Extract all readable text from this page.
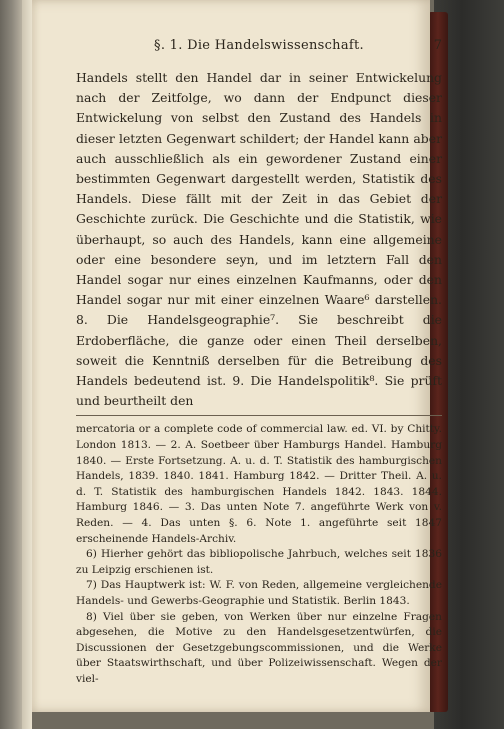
§. 1. Die Handelswissenschaft.	7

Handels stellt den Handel dar in seiner Entwickelung nach der Zeitfolge, wo dann der Endpunct dieser Entwickelung von selbst den Zustand des Handels in dieser letzten Gegenwart schildert; der Handel kann aber auch ausschließlich als ein gewordener Zustand einer bestimmten Gegenwart dargestellt werden, Statistik des Handels. Diese fällt mit der Zeit in das Gebiet der Geschichte zurück. Die Geschichte und die Statistik, wie überhaupt, so auch des Handels, kann eine allgemeine oder eine besondere seyn, und im letztern Fall den Handel sogar nur eines einzelnen Kaufmanns, oder den Handel sogar nur mit einer einzelnen Waare⁶ darstellen. 8. Die Handelsgeographie⁷. Sie beschreibt die Erdoberfläche, die ganze oder einen Theil derselben, soweit die Kenntniß derselben für die Betreibung des Handels bedeutend ist. 9. Die Handelspolitik⁸. Sie prüft und beurtheilt den

mercatoria or a complete code of commercial law. ed. VI. by Chitty. London 1813. — 2. A. Soetbeer über Hamburgs Handel. Hamburg 1840. — Erste Fortsetzung. A. u. d. T. Statistik des hamburgischen Handels, 1839. 1840. 1841. Hamburg 1842. — Dritter Theil. A. u. d. T. Statistik des hamburgischen Handels 1842. 1843. 1844. Hamburg 1846. — 3. Das unten Note 7. angeführte Werk von v. Reden. — 4. Das unten §. 6. Note 1. angeführte seit 1847 erscheinende Handels-Archiv.

6) Hierher gehört das bibliopolische Jahrbuch, welches seit 1836 zu Leipzig erschienen ist.

7) Das Hauptwerk ist: W. F. von Reden, allgemeine vergleichende Handels- und Gewerbs-Geographie und Statistik. Berlin 1843.

8) Viel über sie geben, von Werken über nur einzelne Fragen abgesehen, die Motive zu den Handelsgesetzentwürfen, die Discussionen der Gesetzgebungscommissionen, und die Werke über Staatswirthschaft, und über Polizeiwissenschaft. Wegen der viel-
